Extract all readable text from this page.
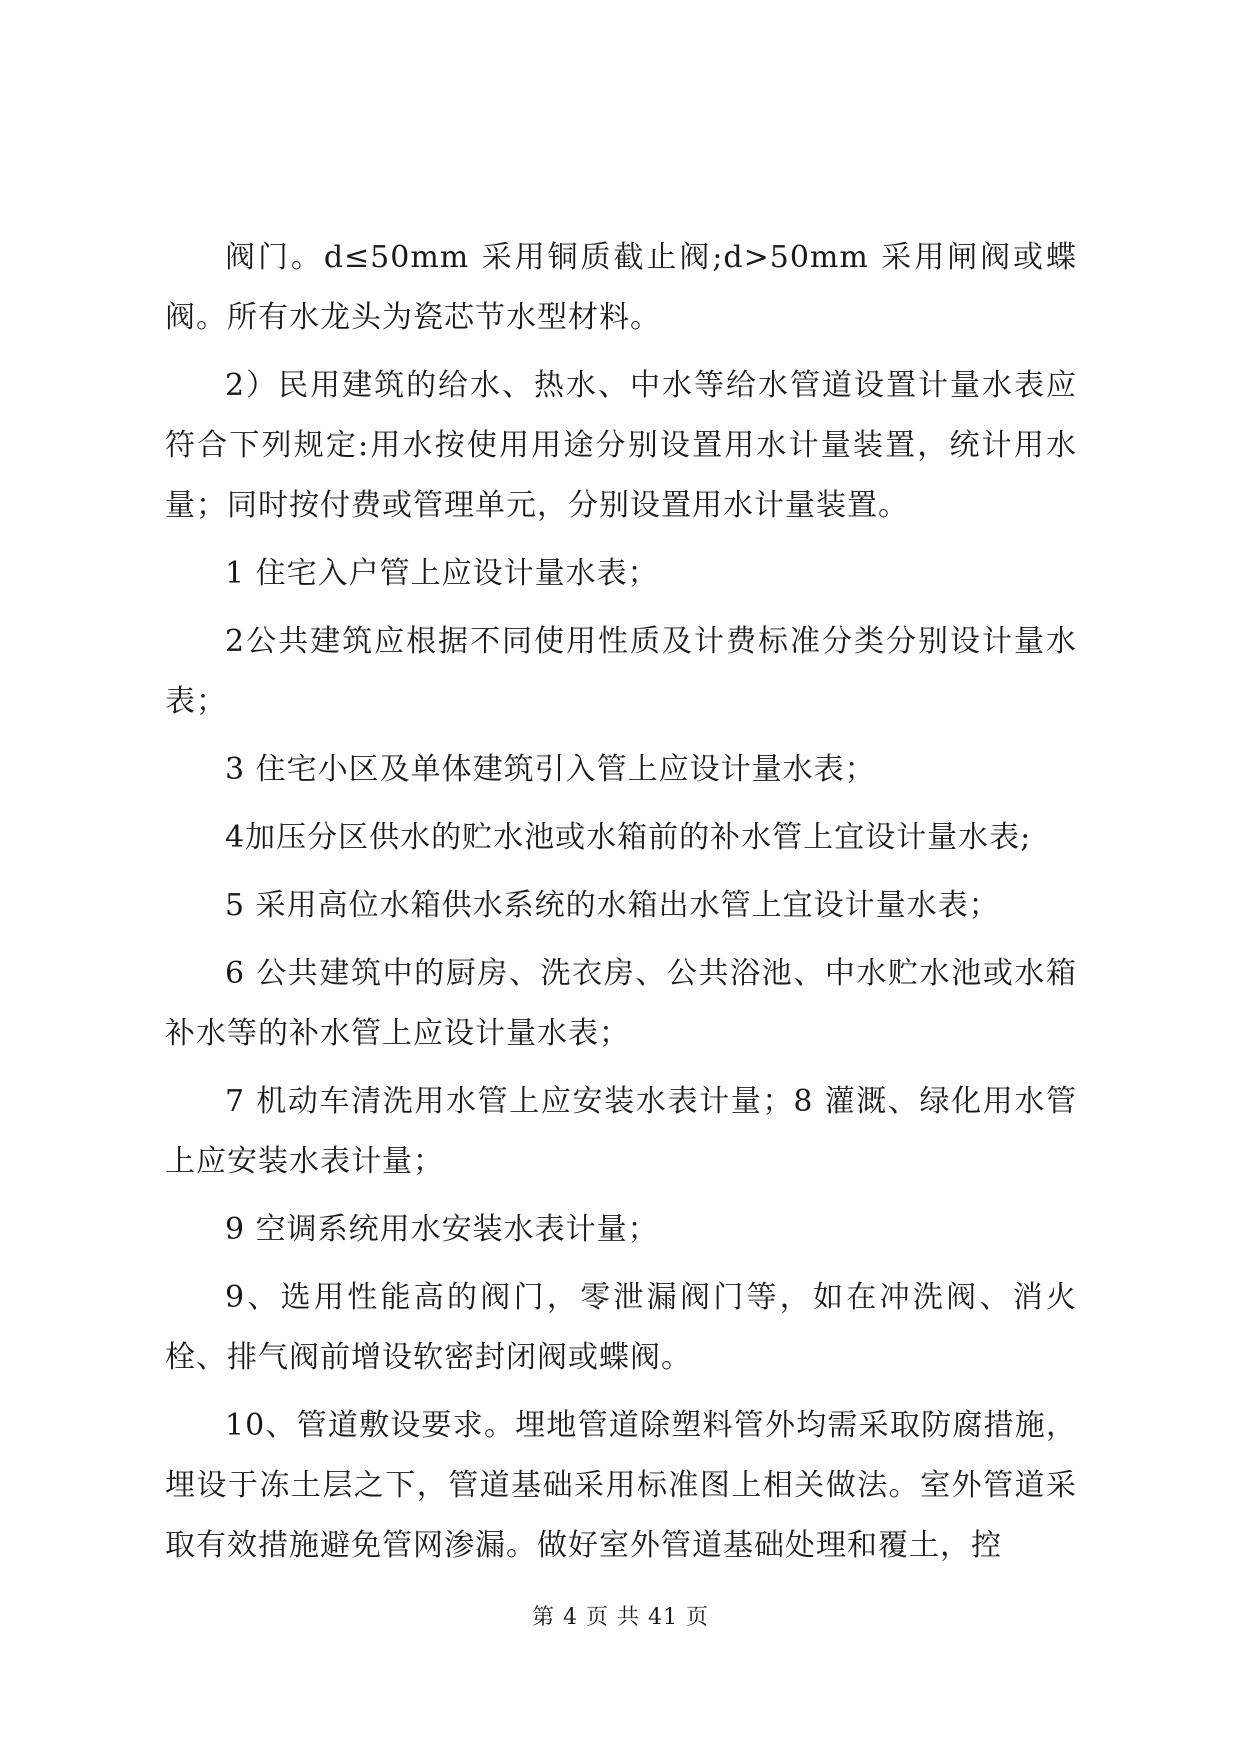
阀门。d≤50mm 采用铜质截止阀;d>50mm 采用闸阀或蝶阀。所有水龙头为瓷芯节水型材料。

2）民用建筑的给水、热水、中水等给水管道设置计量水表应符合下列规定:用水按使用用途分别设置用水计量装置，统计用水量；同时按付费或管理单元，分别设置用水计量装置。

1 住宅入户管上应设计量水表；

2公共建筑应根据不同使用性质及计费标准分类分别设计量水表；

3 住宅小区及单体建筑引入管上应设计量水表；

4加压分区供水的贮水池或水箱前的补水管上宜设计量水表;

5 采用高位水箱供水系统的水箱出水管上宜设计量水表；

6 公共建筑中的厨房、洗衣房、公共浴池、中水贮水池或水箱补水等的补水管上应设计量水表；

7 机动车清洗用水管上应安装水表计量；8 灌溉、绿化用水管上应安装水表计量；

9 空调系统用水安装水表计量；

9、选用性能高的阀门，零泄漏阀门等，如在冲洗阀、消火栓、排气阀前增设软密封闭阀或蝶阀。

10、管道敷设要求。埋地管道除塑料管外均需采取防腐措施，埋设于冻土层之下，管道基础采用标准图上相关做法。室外管道采取有效措施避免管网渗漏。做好室外管道基础处理和覆土，控

第 4 页 共 41 页
